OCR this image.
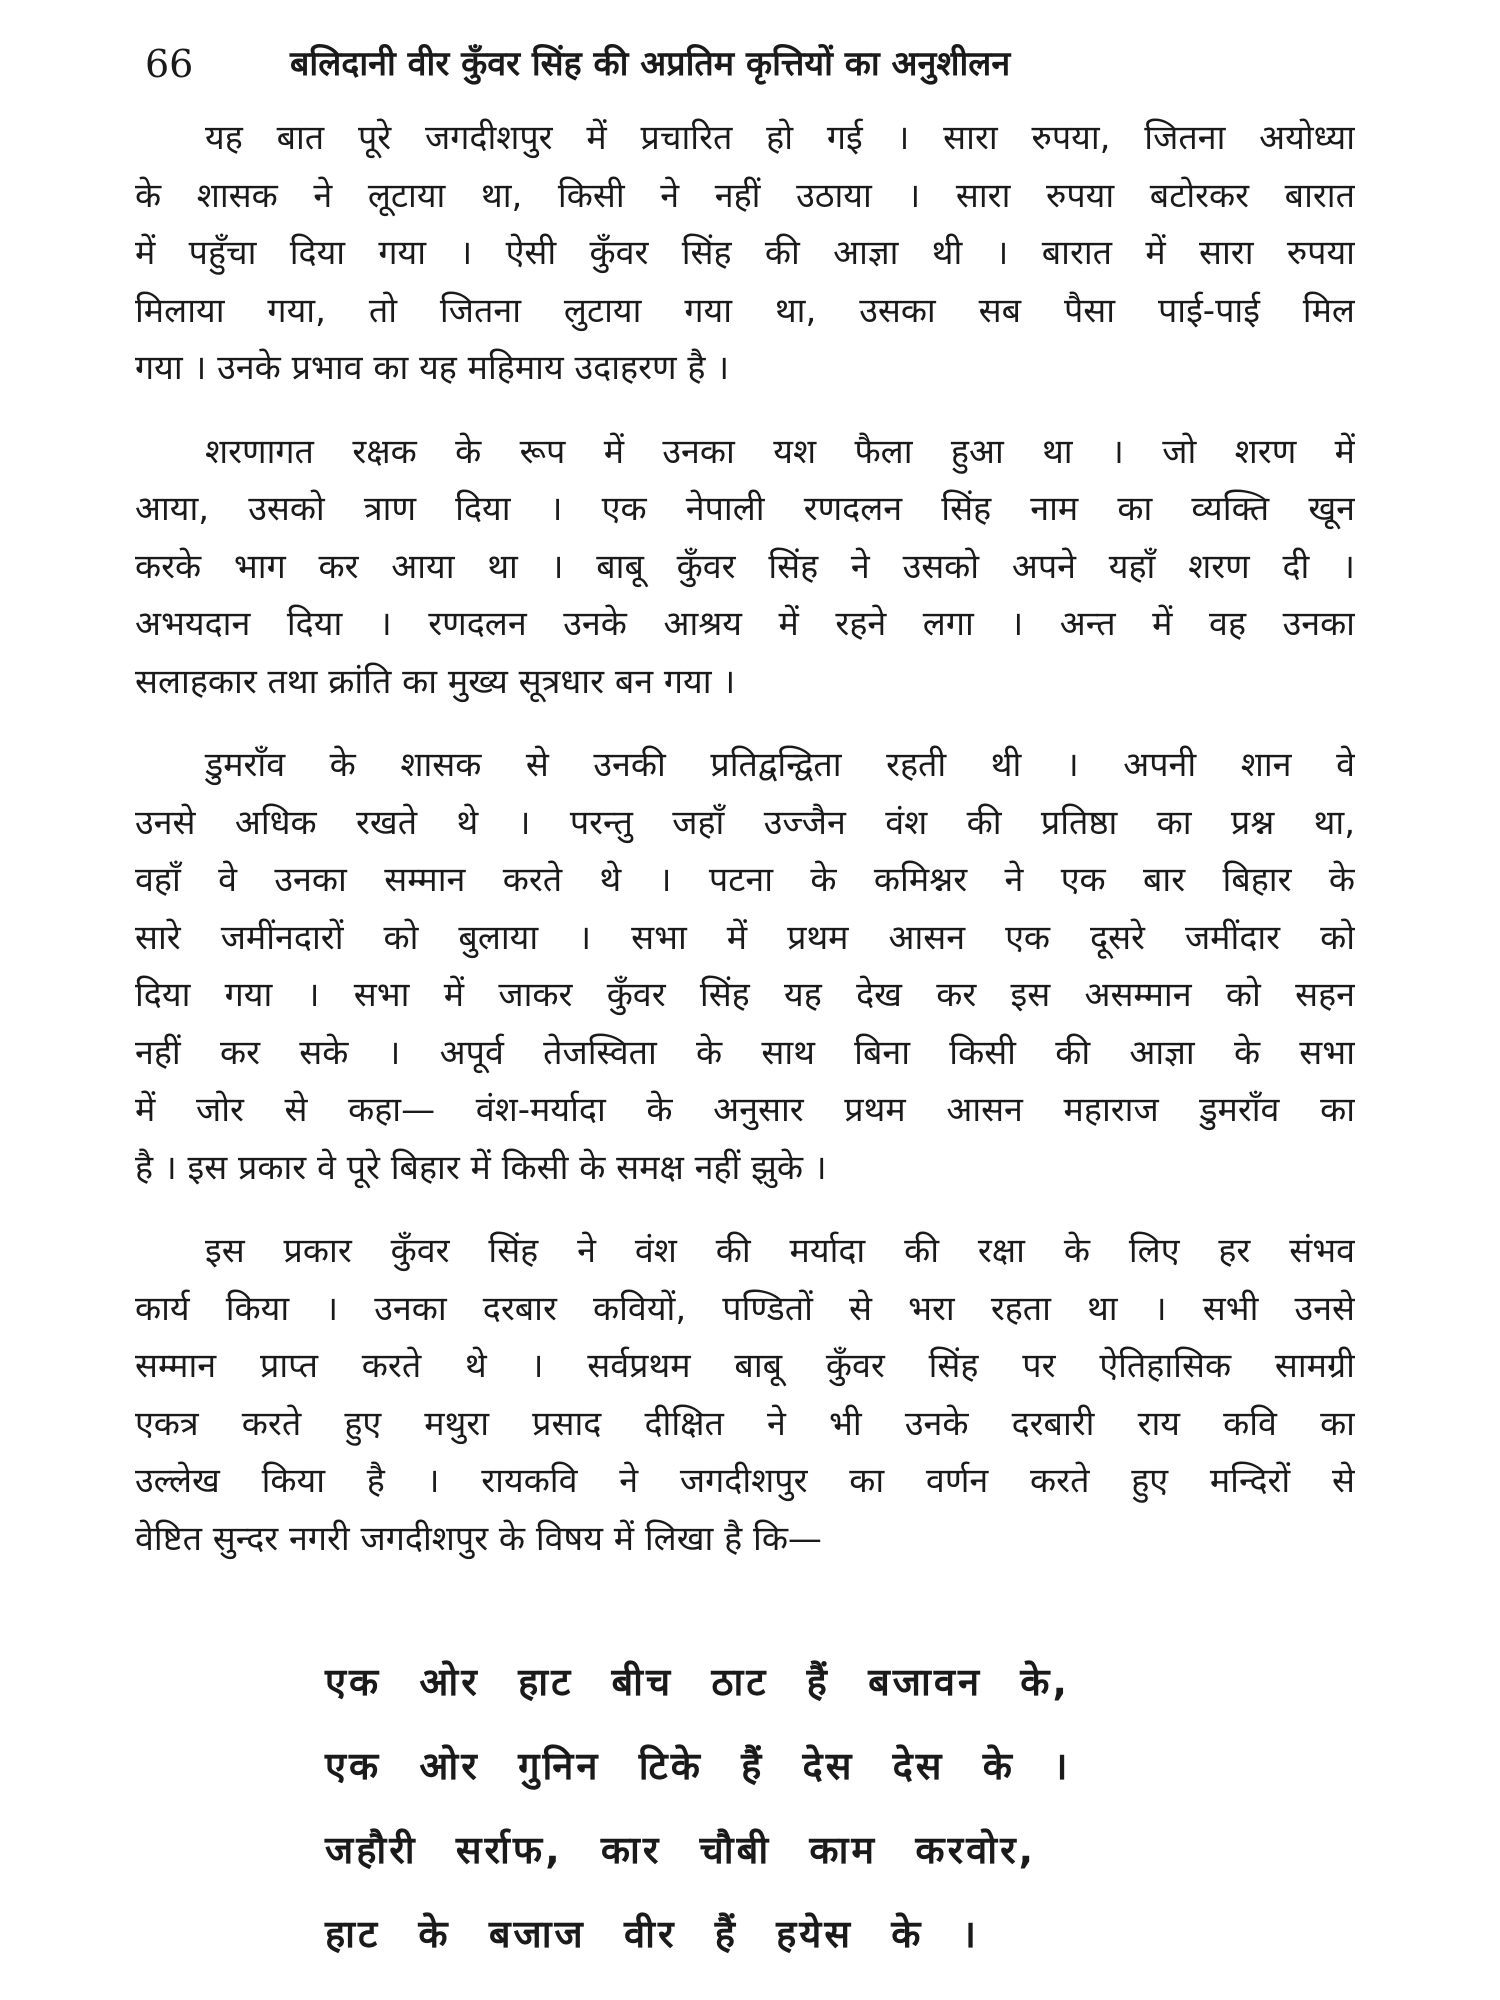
66	बलिदानी वीर कुँवर सिंह की अप्रतिम कृत्तियों का अनुशीलन
यह बात पूरे जगदीशपुर में प्रचारित हो गई । सारा रुपया, जितना अयोध्या
के शासक ने लूटाया था, किसी ने नहीं उठाया । सारा रुपया बटोरकर बारात
में पहुँचा दिया गया । ऐसी कुँवर सिंह की आज्ञा थी । बारात में सारा रुपया
मिलाया गया, तो जितना लुटाया गया था, उसका सब पैसा पाई-पाई मिल
गया । उनके प्रभाव का यह महिमाय उदाहरण है ।
शरणागत रक्षक के रूप में उनका यश फैला हुआ था । जो शरण में
आया, उसको त्राण दिया । एक नेपाली रणदलन सिंह नाम का व्यक्ति खून
करके भाग कर आया था । बाबू कुँवर सिंह ने उसको अपने यहाँ शरण दी ।
अभयदान दिया । रणदलन उनके आश्रय में रहने लगा । अन्त में वह उनका
सलाहकार तथा क्रांति का मुख्य सूत्रधार बन गया ।
डुमराँव के शासक से उनकी प्रतिद्वन्द्विता रहती थी । अपनी शान वे
उनसे अधिक रखते थे । परन्तु जहाँ उज्जैन वंश की प्रतिष्ठा का प्रश्न था,
वहाँ वे उनका सम्मान करते थे । पटना के कमिश्नर ने एक बार बिहार के
सारे जमींनदारों को बुलाया । सभा में प्रथम आसन एक दूसरे जमींदार को
दिया गया । सभा में जाकर कुँवर सिंह यह देख कर इस असम्मान को सहन
नहीं कर सके । अपूर्व तेजस्विता के साथ बिना किसी की आज्ञा के सभा
में जोर से कहा— वंश-मर्यादा के अनुसार प्रथम आसन महाराज डुमराँव का
है । इस प्रकार वे पूरे बिहार में किसी के समक्ष नहीं झुके ।
इस प्रकार कुँवर सिंह ने वंश की मर्यादा की रक्षा के लिए हर संभव
कार्य किया । उनका दरबार कवियों, पण्डितों से भरा रहता था । सभी उनसे
सम्मान प्राप्त करते थे । सर्वप्रथम बाबू कुँवर सिंह पर ऐतिहासिक सामग्री
एकत्र करते हुए मथुरा प्रसाद दीक्षित ने भी उनके दरबारी राय कवि का
उल्लेख किया है । रायकवि ने जगदीशपुर का वर्णन करते हुए मन्दिरों से
वेष्टित सुन्दर नगरी जगदीशपुर के विषय में लिखा है कि—
एक ओर हाट बीच ठाट हैं बजावन के,
एक ओर गुनिन टिके हैं देस देस के ।
जहौरी सर्राफ, कार चौबी काम करवोर,
हाट के बजाज वीर हैं हयेस के ।
